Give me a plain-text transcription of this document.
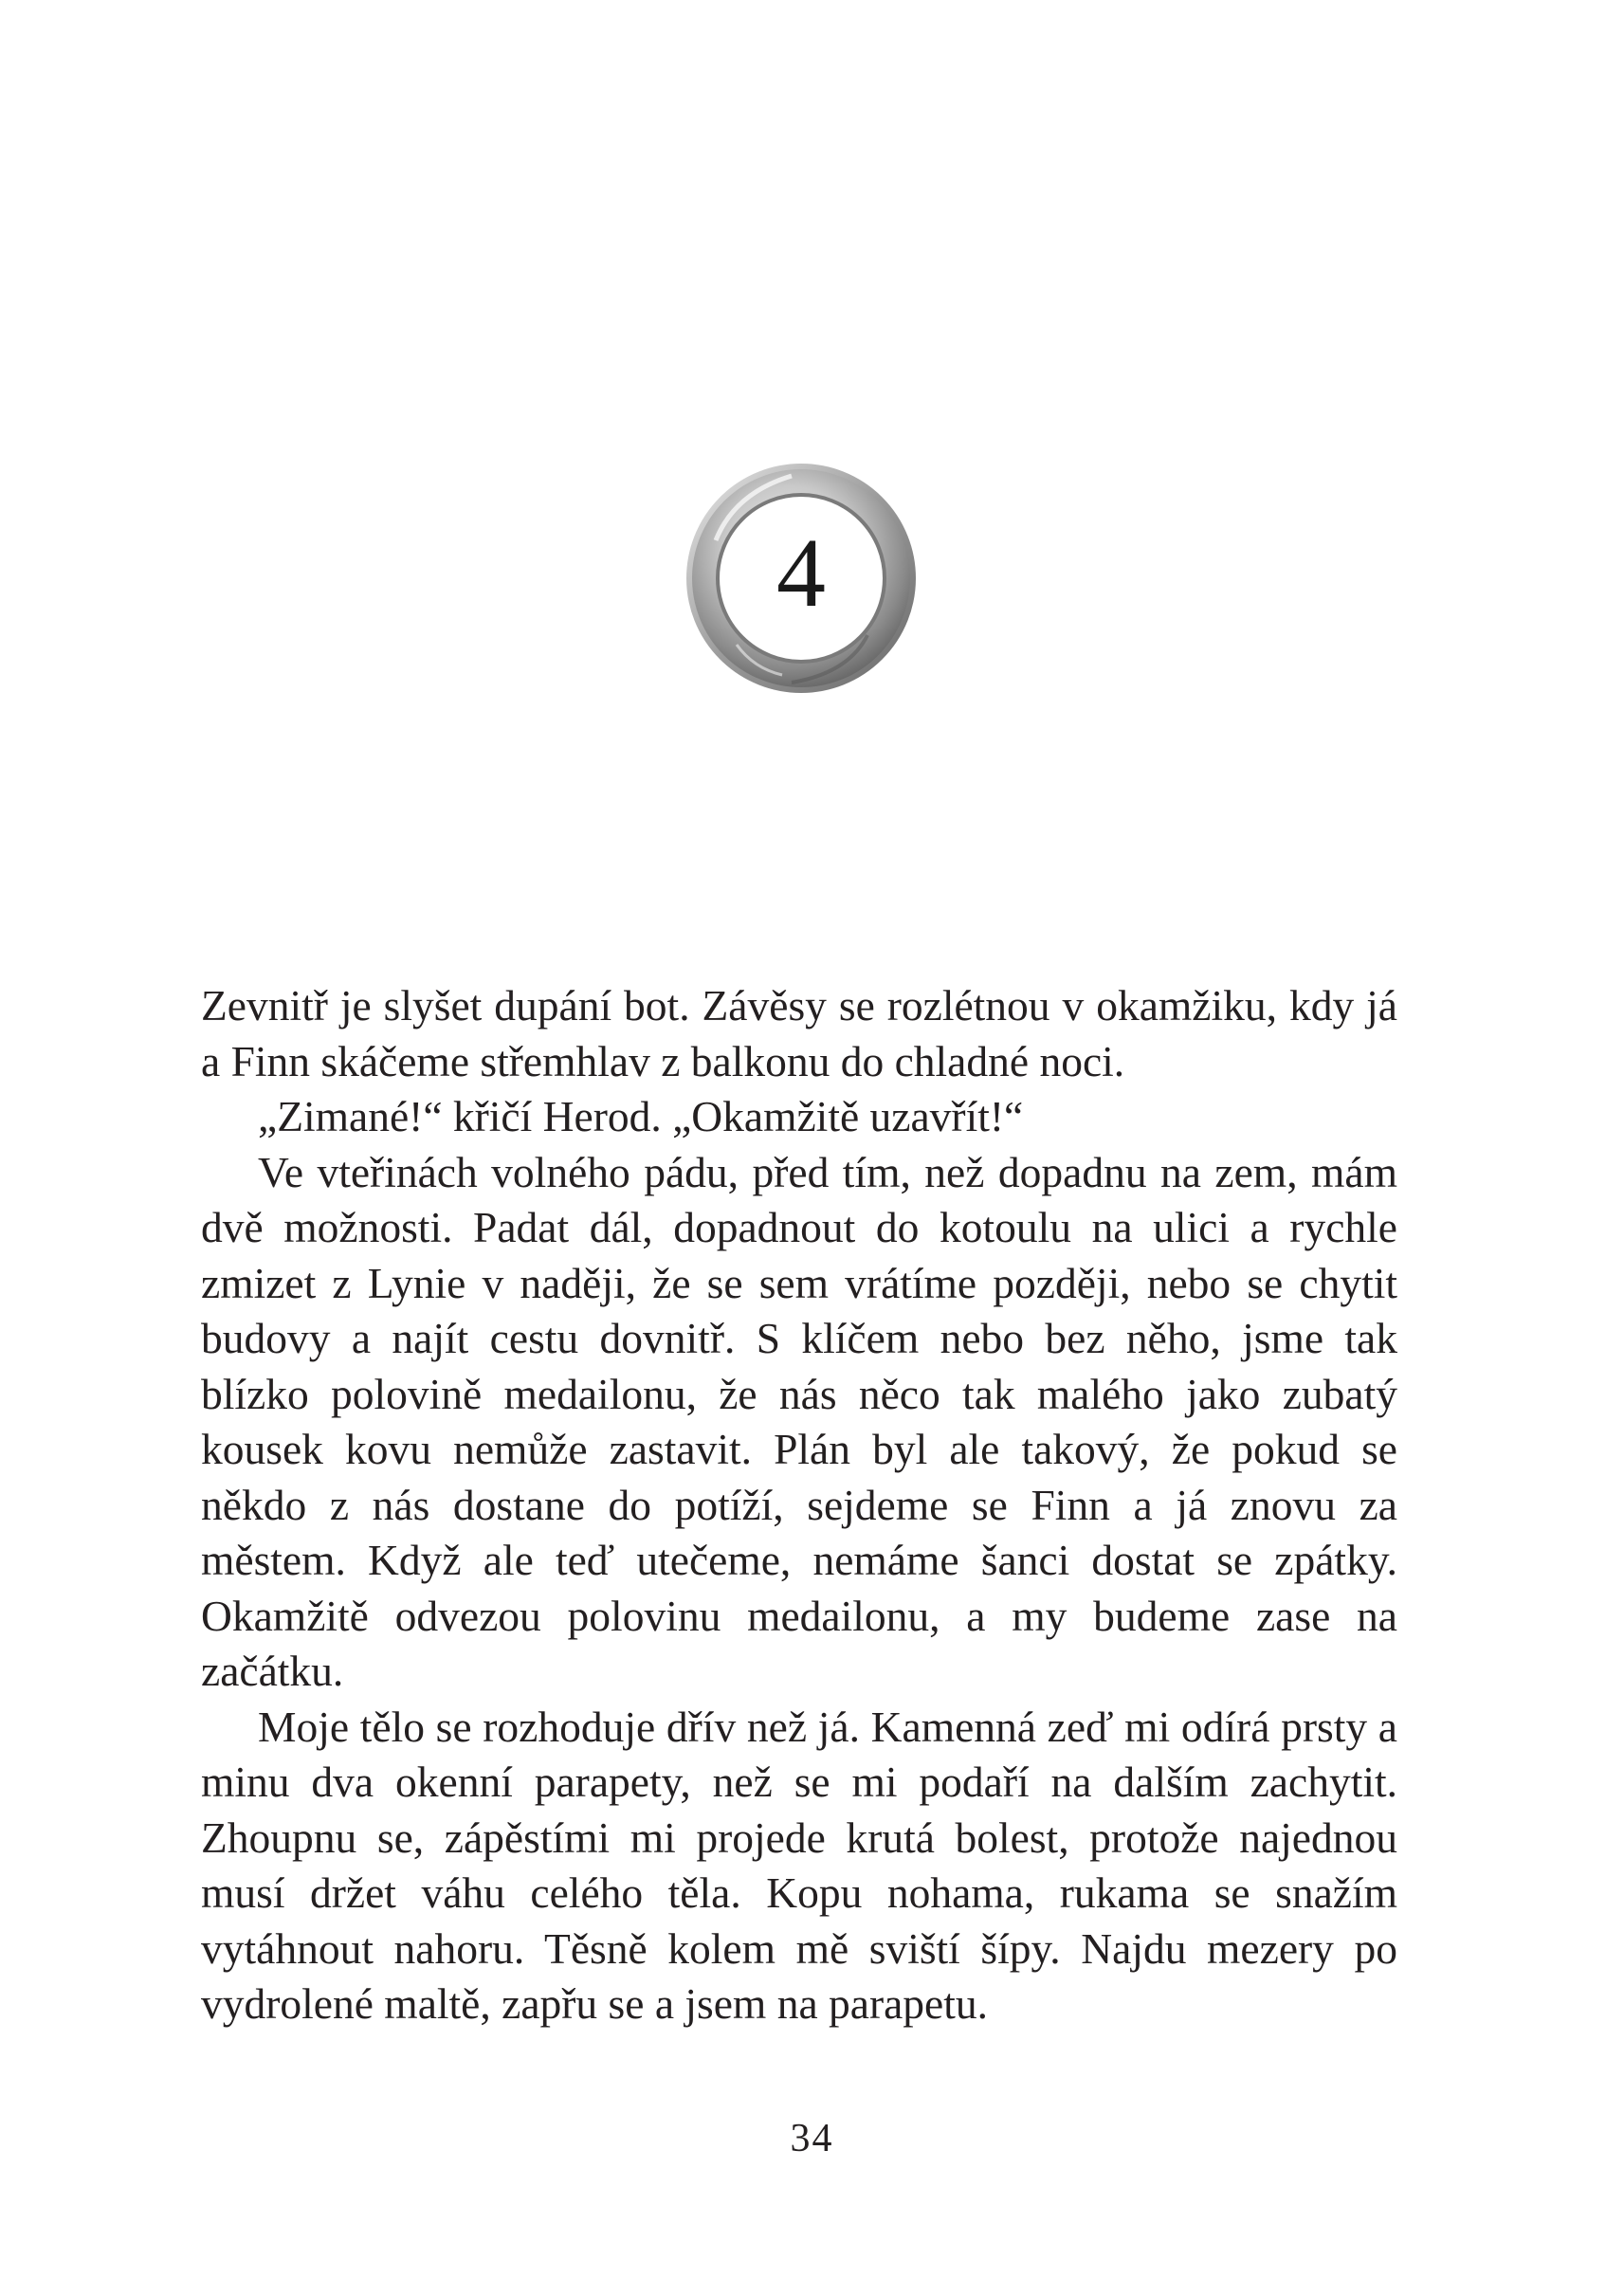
4

Zevnitř je slyšet dupání bot. Závěsy se rozlétnou v okamžiku, kdy já a Finn skáčeme střemhlav z balkonu do chladné noci.

„Zimané!“ křičí Herod. „Okamžitě uzavřít!“

Ve vteřinách volného pádu, před tím, než dopadnu na zem, mám dvě možnosti. Padat dál, dopadnout do kotoulu na ulici a rychle zmizet z Lynie v naději, že se sem vrátíme později, nebo se chytit budovy a najít cestu dovnitř. S klíčem nebo bez něho, jsme tak blízko polovině medailonu, že nás něco tak malého jako zubatý kousek kovu nemůže zastavit. Plán byl ale takový, že pokud se někdo z nás dostane do potíží, sejdeme se Finn a já znovu za městem. Když ale teď utečeme, nemáme šanci dostat se zpátky. Okamžitě odvezou polovinu medailonu, a my budeme zase na začátku.

Moje tělo se rozhoduje dřív než já. Kamenná zeď mi odírá prsty a minu dva okenní parapety, než se mi podaří na dalším zachytit. Zhoupnu se, zápěstími mi projede krutá bolest, protože najednou musí držet váhu celého těla. Kopu nohama, rukama se snažím vytáhnout nahoru. Těsně kolem mě sviští šípy. Najdu mezery po vydrolené maltě, zapřu se a jsem na parapetu.

34
